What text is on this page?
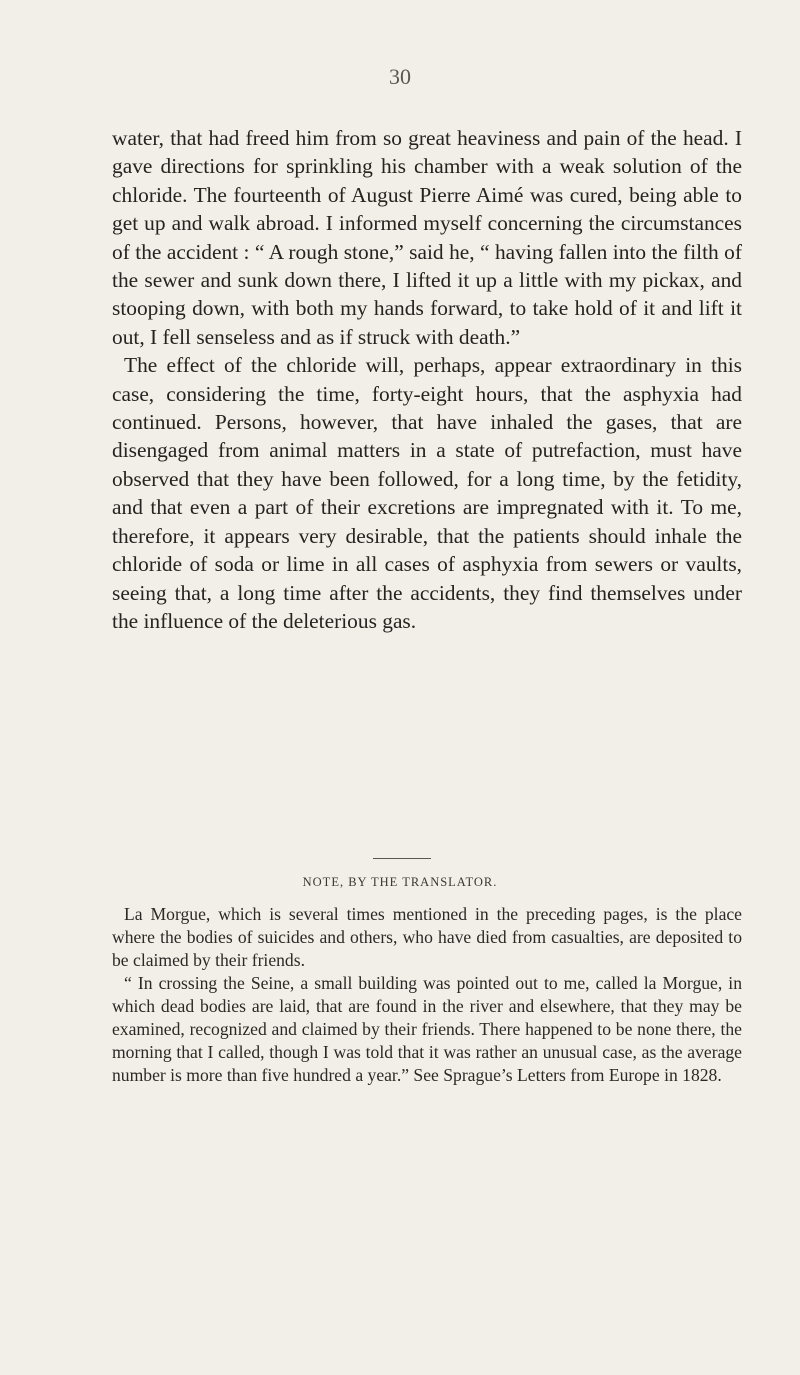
30

water, that had freed him from so great heaviness and pain of the head. I gave directions for sprinkling his chamber with a weak solution of the chloride. The fourteenth of August Pierre Aimé was cured, being able to get up and walk abroad. I informed myself concerning the circumstances of the accident : “ A rough stone,” said he, “ having fallen into the filth of the sewer and sunk down there, I lifted it up a little with my pickax, and stooping down, with both my hands forward, to take hold of it and lift it out, I fell senseless and as if struck with death.”

The effect of the chloride will, perhaps, appear extraordinary in this case, considering the time, forty-eight hours, that the asphyxia had continued. Persons, however, that have inhaled the gases, that are disengaged from animal matters in a state of putrefaction, must have observed that they have been followed, for a long time, by the fetidity, and that even a part of their excretions are impregnated with it. To me, therefore, it appears very desirable, that the patients should inhale the chloride of soda or lime in all cases of asphyxia from sewers or vaults, seeing that, a long time after the accidents, they find themselves under the influence of the deleterious gas.

NOTE, BY THE TRANSLATOR.

La Morgue, which is several times mentioned in the preceding pages, is the place where the bodies of suicides and others, who have died from casualties, are deposited to be claimed by their friends.

“ In crossing the Seine, a small building was pointed out to me, called la Morgue, in which dead bodies are laid, that are found in the river and elsewhere, that they may be examined, recognized and claimed by their friends. There happened to be none there, the morning that I called, though I was told that it was rather an unusual case, as the average number is more than five hundred a year.” See Sprague’s Letters from Europe in 1828.
